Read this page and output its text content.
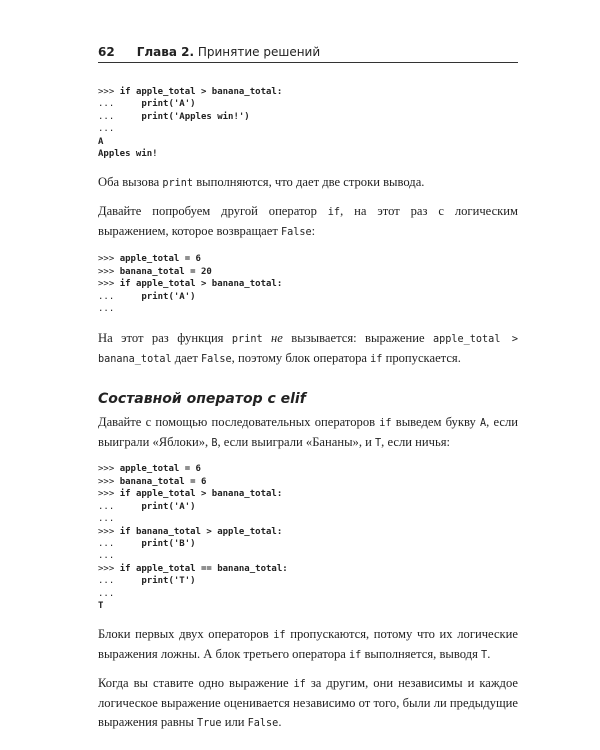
62 Глава 2. Принятие решений
>>> if apple_total > banana_total:
...     print('A')
...     print('Apples win!')
...
A
Apples win!

Оба вызова print выполняются, что дает две строки вывода.

Давайте попробуем другой оператор if, на этот раз с логическим выражением, которое возвращает False:

>>> apple_total = 6
>>> banana_total = 20
>>> if apple_total > banana_total:
...     print('A')
...

На этот раз функция print не вызывается: выражение apple_total > banana_total дает False, поэтому блок оператора if пропускается.

Составной оператор с elif

Давайте с помощью последовательных операторов if выведем букву A, если выиграли «Яблоки», B, если выиграли «Бананы», и T, если ничья:

>>> apple_total = 6
>>> banana_total = 6
>>> if apple_total > banana_total:
...     print('A')
...
>>> if banana_total > apple_total:
...     print('B')
...
>>> if apple_total == banana_total:
...     print('T')
...
T

Блоки первых двух операторов if пропускаются, потому что их логические выражения ложны. А блок третьего оператора if выполняется, выводя T.

Когда вы ставите одно выражение if за другим, они независимы и каждое логическое выражение оценивается независимо от того, были ли предыдущие выражения равны True или False.
